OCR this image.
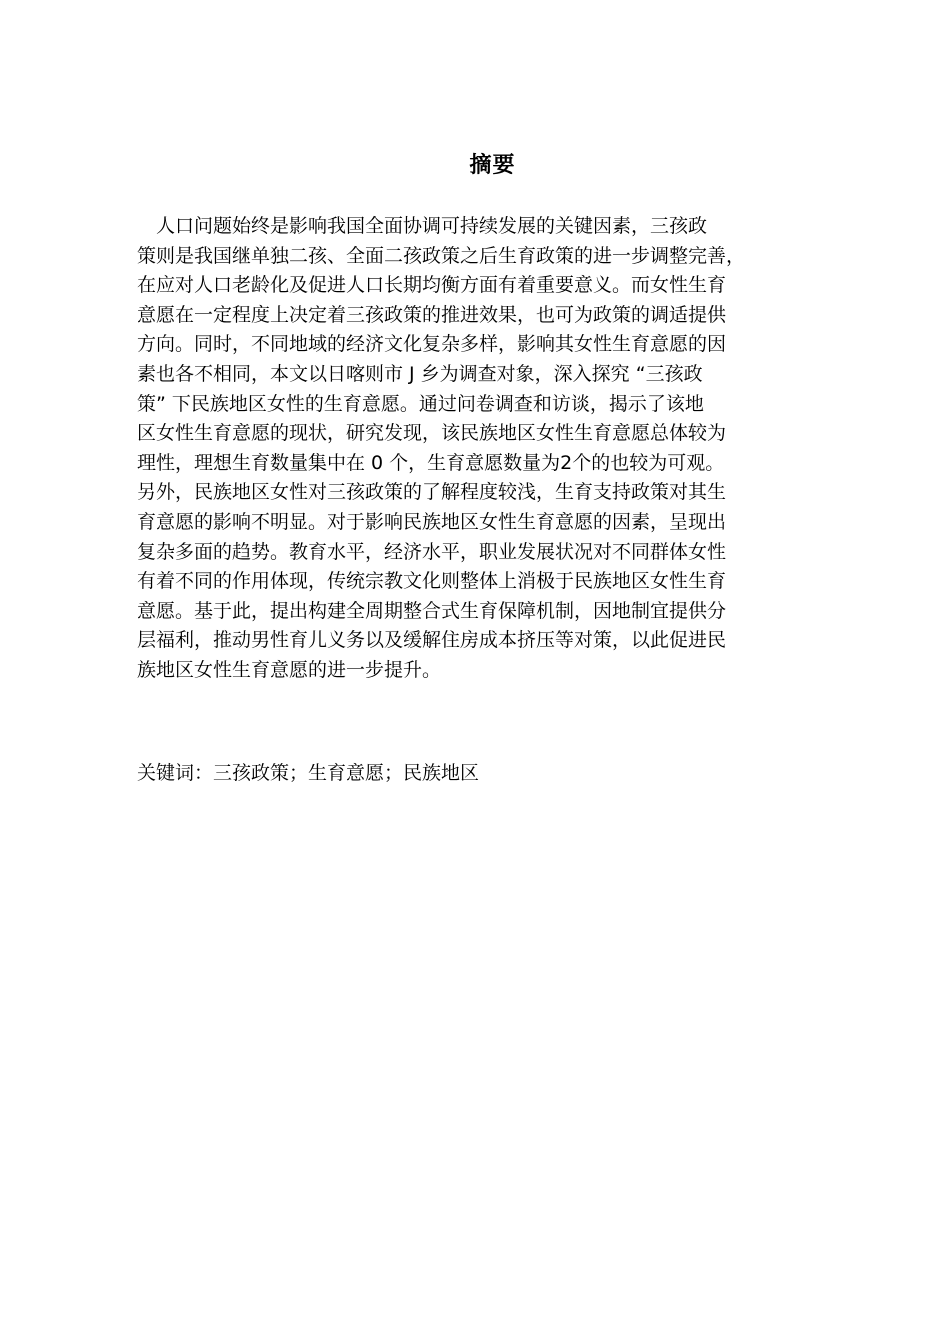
摘要
　人口问题始终是影响我国全面协调可持续发展的关键因素，三孩政
策则是我国继单独二孩、全面二孩政策之后生育政策的进一步调整完善，
在应对人口老龄化及促进人口长期均衡方面有着重要意义。而女性生育
意愿在一定程度上决定着三孩政策的推进效果，也可为政策的调适提供
方向。同时，不同地域的经济文化复杂多样，影响其女性生育意愿的因
素也各不相同，本文以日喀则市 J 乡为调查对象，深入探究 “三孩政
策” 下民族地区女性的生育意愿。通过问卷调查和访谈，揭示了该地
区女性生育意愿的现状，研究发现，该民族地区女性生育意愿总体较为
理性，理想生育数量集中在 0 个，生育意愿数量为2个的也较为可观。
另外，民族地区女性对三孩政策的了解程度较浅，生育支持政策对其生
育意愿的影响不明显。对于影响民族地区女性生育意愿的因素，呈现出
复杂多面的趋势。教育水平，经济水平，职业发展状况对不同群体女性
有着不同的作用体现，传统宗教文化则整体上消极于民族地区女性生育
意愿。基于此，提出构建全周期整合式生育保障机制，因地制宜提供分
层福利，推动男性育儿义务以及缓解住房成本挤压等对策，以此促进民
族地区女性生育意愿的进一步提升。
关键词：三孩政策；生育意愿；民族地区
